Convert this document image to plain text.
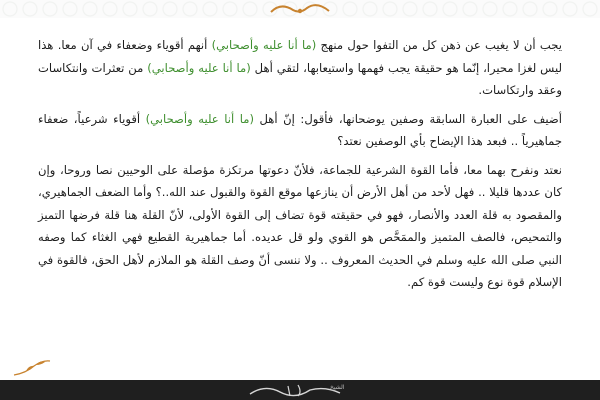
يجب أن لا يغيب عن ذهن كل من التفوا حول منهج (ما أنا عليه وأصحابي) أنهم أقوياء وضعفاء في آن معا. هذا ليس لغزا محيرا، إنّما هو حقيقة يجب فهمها واستيعابها، لتقي أهل (ما أنا عليه وأصحابي) من تعثرات وانتكاسات وعقد وارتكاسات.

أضيف على العبارة السابقة وصفين يوضحانها، فأقول: إنّ أهل (ما أنا عليه وأصحابي) أقوياء شرعياً، ضعفاء جماهيرياً .. فبعد هذا الإيضاح بأي الوصفين نعتد؟

نعتد ونفرح بهما معا، فأما القوة الشرعية للجماعة، فلأنّ دعوتها مرتكزة مؤصلة على الوحيين نصا وروحا، وإن كان عددها قليلا .. فهل لأحد من أهل الأرض أن ينازعها موقع القوة والقبول عند الله..؟ وأما الضعف الجماهيري، والمقصود به قلة العدد والأنصار، فهو في حقيقته قوة تضاف إلى القوة الأولى، لأنّ القلة هنا قلة فرضها التميز والتمحيص، فالصف المتميز والممَحَّص هو القوي ولو قل عديده. أما جماهيرية القطيع فهي الغثاء كما وصفه النبي صلى الله عليه وسلم في الحديث المعروف .. ولا ننسى أنّ وصف القلة هو الملازم لأهل الحق، فالقوة في الإسلام قوة نوع وليست قوة كم.

الشيخ
